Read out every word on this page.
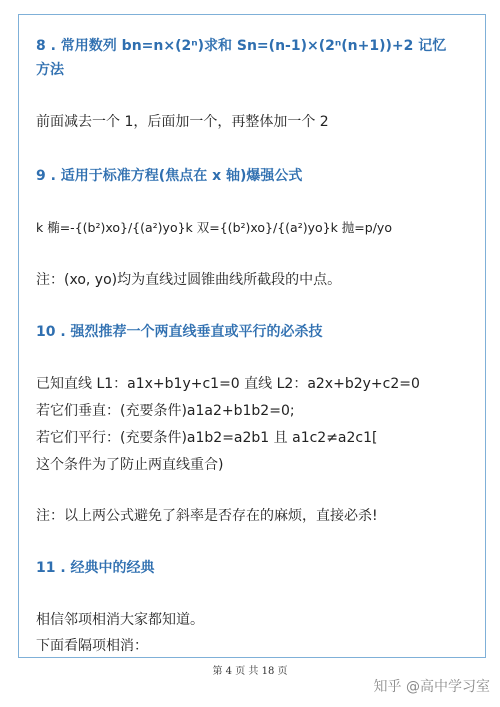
8 . 常用数列 bn=n×(2ⁿ)求和 Sn=(n-1)×(2ⁿ(n+1))+2 记忆
方法
前面减去一个 1，后面加一个，再整体加一个 2
9 . 适用于标准方程(焦点在 x 轴)爆强公式
k 椭=-{(b²)xo}/{(a²)yo}k 双={(b²)xo}/{(a²)yo}k 抛=p/yo
注：(xo, yo)均为直线过圆锥曲线所截段的中点。
10 . 强烈推荐一个两直线垂直或平行的必杀技
已知直线 L1：a1x+b1y+c1=0 直线 L2：a2x+b2y+c2=0
若它们垂直：(充要条件)a1a2+b1b2=0;
若它们平行：(充要条件)a1b2=a2b1 且 a1c2≠a2c1[
这个条件为了防止两直线重合)
注：以上两公式避免了斜率是否存在的麻烦，直接必杀!
11 . 经典中的经典
相信邻项相消大家都知道。
下面看隔项相消：
第 4 页 共 18 页
知乎 @高中学习室
